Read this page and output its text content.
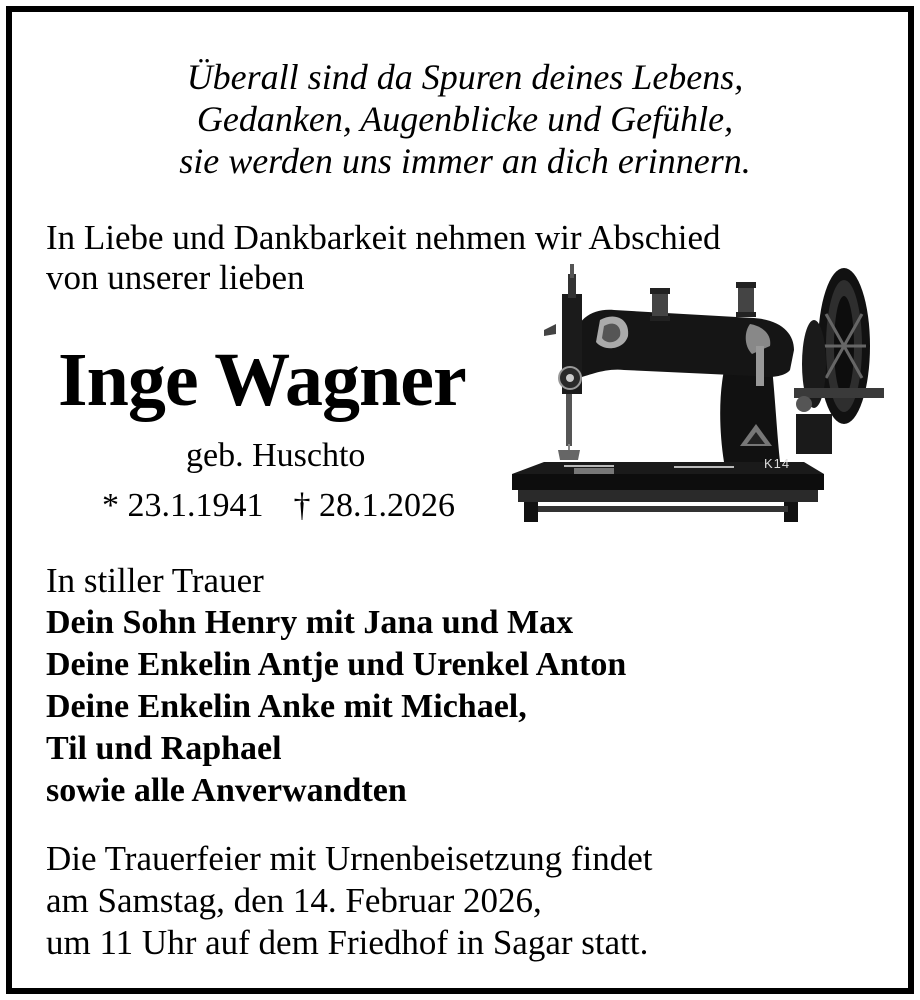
Überall sind da Spuren deines Lebens,
Gedanken, Augenblicke und Gefühle,
sie werden uns immer an dich erinnern.
In Liebe und Dankbarkeit nehmen wir Abschied
von unserer lieben
Inge Wagner
geb. Huschto
* 23.1.1941 † 28.1.2026
In stiller Trauer
Dein Sohn Henry mit Jana und Max
Deine Enkelin Antje und Urenkel Anton
Deine Enkelin Anke mit Michael,
Til und Raphael
sowie alle Anverwandten
Die Trauerfeier mit Urnenbeisetzung findet
am Samstag, den 14. Februar 2026,
um 11 Uhr auf dem Friedhof in Sagar statt.
K14
